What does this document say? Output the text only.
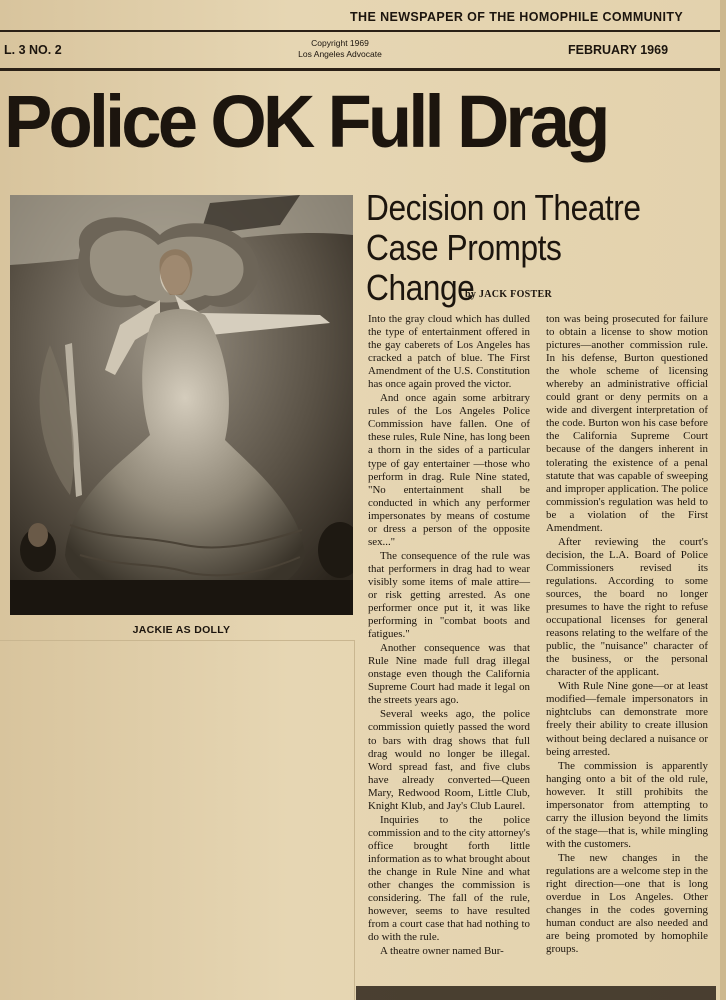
THE NEWSPAPER OF THE HOMOPHILE COMMUNITY
L. 3 NO. 2	Copyright 1969
Los Angeles Advocate	FEBRUARY 1969
Police OK Full Drag
JACKIE AS DOLLY
Decision on Theatre
Case Prompts Change
by JACK FOSTER

Into the gray cloud which has dulled the type of entertainment offered in the gay caberets of Los Angeles has cracked a patch of blue. The First Amendment of the U.S. Constitution has once again proved the victor.

And once again some arbitrary rules of the Los Angeles Police Commission have fallen. One of these rules, Rule Nine, has long been a thorn in the sides of a particular type of gay entertainer —those who perform in drag. Rule Nine stated, "No entertainment shall be conducted in which any performer impersonates by means of costume or dress a person of the opposite sex..."

The consequence of the rule was that performers in drag had to wear visibly some items of male attire—or risk getting arrested. As one performer once put it, it was like performing in "combat boots and fatigues."

Another consequence was that Rule Nine made full drag illegal onstage even though the California Supreme Court had made it legal on the streets years ago.

Several weeks ago, the police commission quietly passed the word to bars with drag shows that full drag would no longer be illegal. Word spread fast, and five clubs have already converted—Queen Mary, Redwood Room, Little Club, Knight Klub, and Jay's Club Laurel.

Inquiries to the police commission and to the city attorney's office brought forth little information as to what brought about the change in Rule Nine and what other changes the commission is considering. The fall of the rule, however, seems to have resulted from a court case that had nothing to do with the rule.

A theatre owner named Bur-

ton was being prosecuted for failure to obtain a license to show motion pictures—another commission rule. In his defense, Burton questioned the whole scheme of licensing whereby an administrative official could grant or deny permits on a wide and divergent interpretation of the code. Burton won his case before the California Supreme Court because of the dangers inherent in tolerating the existence of a penal statute that was capable of sweeping and improper application. The police commission's regulation was held to be a violation of the First Amendment.

After reviewing the court's decision, the L.A. Board of Police Commissioners revised its regulations. According to some sources, the board no longer presumes to have the right to refuse occupational licenses for general reasons relating to the welfare of the public, the "nuisance" character of the business, or the personal character of the applicant.

With Rule Nine gone—or at least modified—female impersonators in nightclubs can demonstrate more freely their ability to create illusion without being declared a nuisance or being arrested.

The commission is apparently hanging onto a bit of the old rule, however. It still prohibits the impersonator from attempting to carry the illusion beyond the limits of the stage—that is, while mingling with the customers.

The new changes in the regulations are a welcome step in the right direction—one that is long overdue in Los Angeles. Other changes in the codes governing human conduct are also needed and are being promoted by homophile groups.
